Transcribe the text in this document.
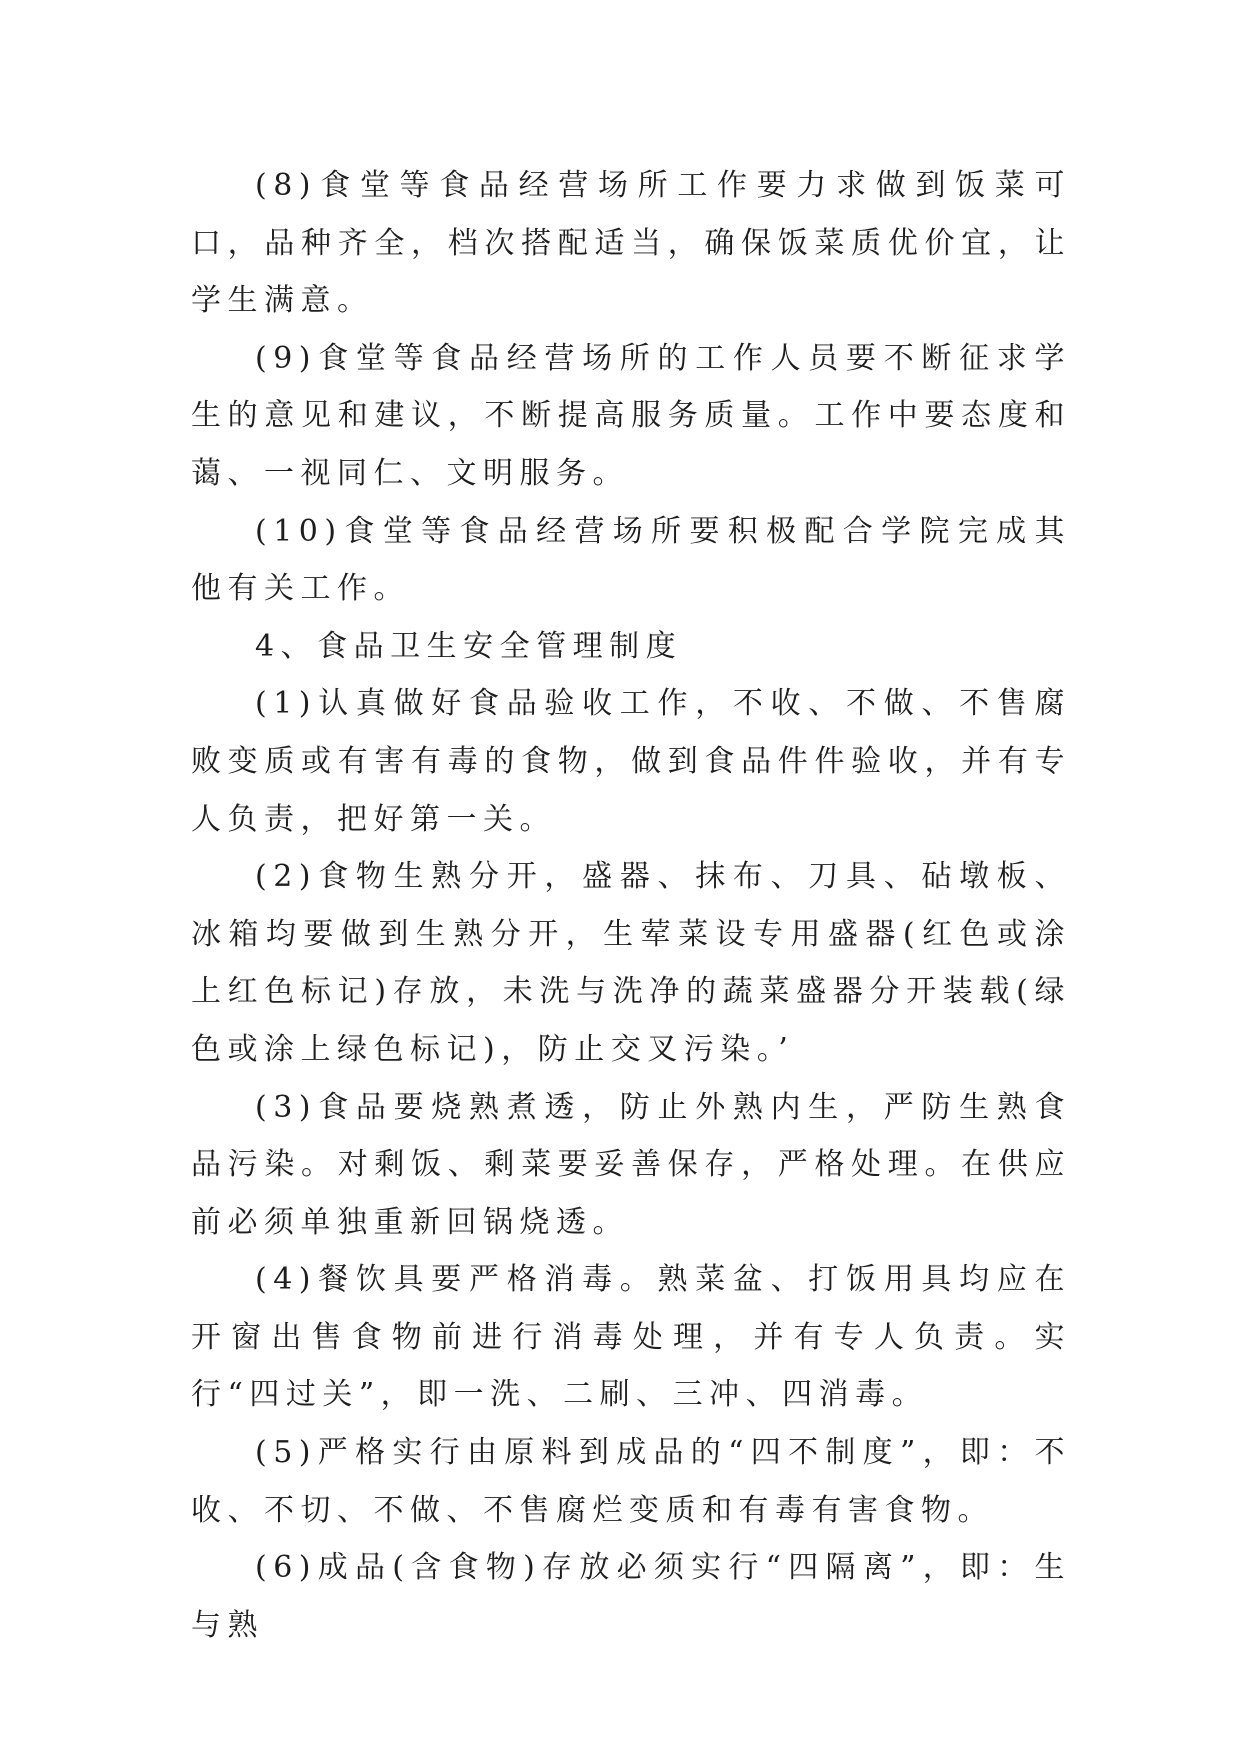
(8)食堂等食品经营场所工作要力求做到饭菜可口，品种齐全，档次搭配适当，确保饭菜质优价宜，让学生满意。

(9)食堂等食品经营场所的工作人员要不断征求学生的意见和建议，不断提高服务质量。工作中要态度和蔼、一视同仁、文明服务。

(10)食堂等食品经营场所要积极配合学院完成其他有关工作。

4、食品卫生安全管理制度

(1)认真做好食品验收工作，不收、不做、不售腐败变质或有害有毒的食物，做到食品件件验收，并有专人负责，把好第一关。

(2)食物生熟分开，盛器、抹布、刀具、砧墩板、冰箱均要做到生熟分开，生荤菜设专用盛器(红色或涂上红色标记)存放，未洗与洗净的蔬菜盛器分开装载(绿色或涂上绿色标记)，防止交叉污染。’

(3)食品要烧熟煮透，防止外熟内生，严防生熟食品污染。对剩饭、剩菜要妥善保存，严格处理。在供应前必须单独重新回锅烧透。

(4)餐饮具要严格消毒。熟菜盆、打饭用具均应在开窗出售食物前进行消毒处理，并有专人负责。实行“四过关”，即一洗、二刷、三冲、四消毒。

(5)严格实行由原料到成品的“四不制度”，即：不收、不切、不做、不售腐烂变质和有毒有害食物。

(6)成品(含食物)存放必须实行“四隔离”，即：生与熟
